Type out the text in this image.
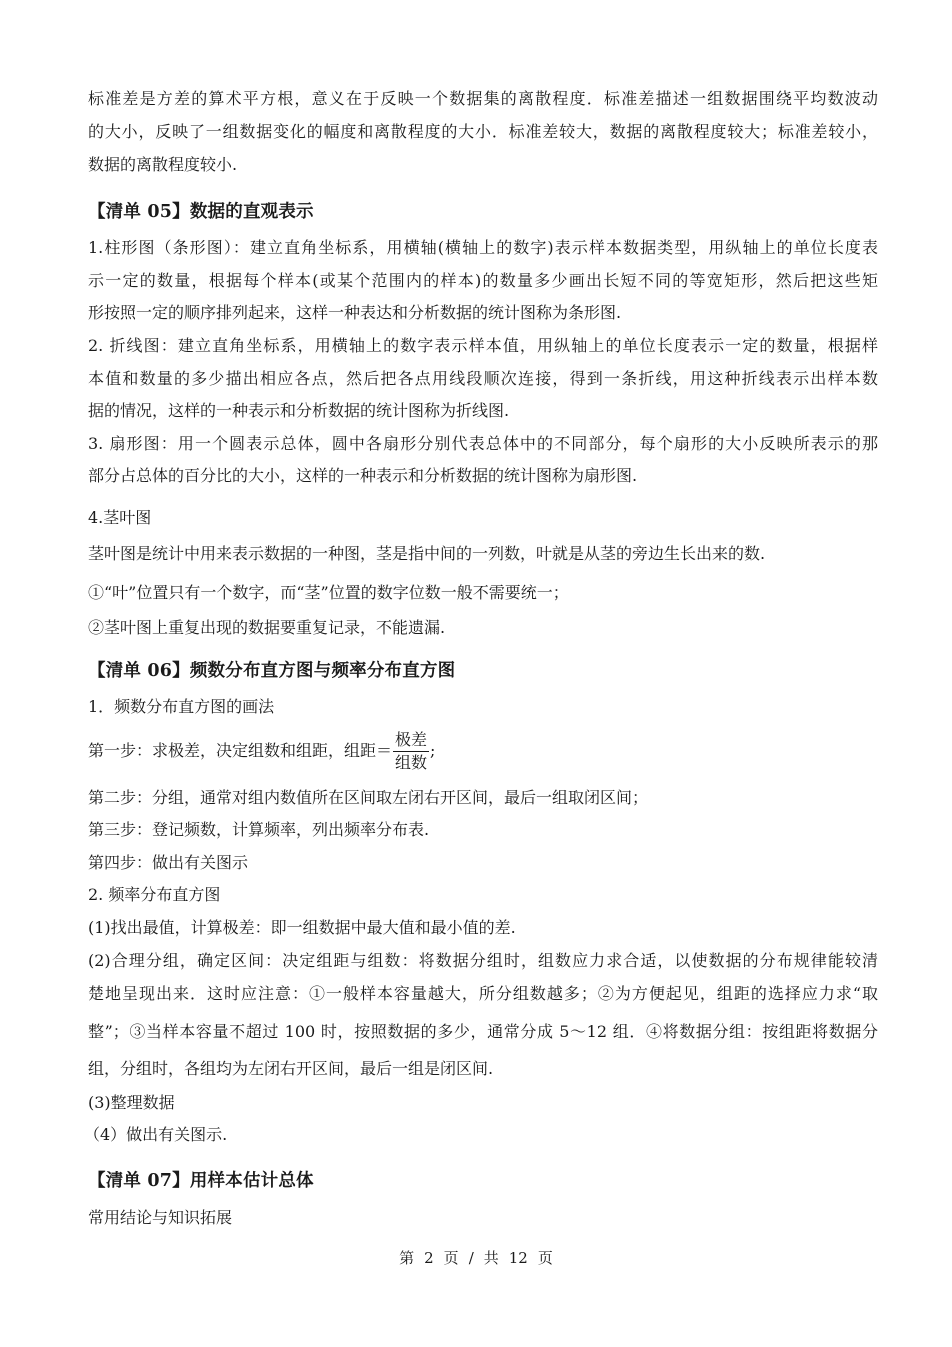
标准差是方差的算术平方根，意义在于反映一个数据集的离散程度．标准差描述一组数据围绕平均数波动
的大小，反映了一组数据变化的幅度和离散程度的大小．标准差较大，数据的离散程度较大；标准差较小，
数据的离散程度较小.
【清单 05】数据的直观表示
1.柱形图（条形图）：建立直角坐标系，用横轴(横轴上的数字)表示样本数据类型，用纵轴上的单位长度表
示一定的数量，根据每个样本(或某个范围内的样本)的数量多少画出长短不同的等宽矩形，然后把这些矩
形按照一定的顺序排列起来，这样一种表达和分析数据的统计图称为条形图.
2. 折线图：建立直角坐标系，用横轴上的数字表示样本值，用纵轴上的单位长度表示一定的数量，根据样
本值和数量的多少描出相应各点，然后把各点用线段顺次连接，得到一条折线，用这种折线表示出样本数
据的情况，这样的一种表示和分析数据的统计图称为折线图.
3. 扇形图：用一个圆表示总体，圆中各扇形分别代表总体中的不同部分，每个扇形的大小反映所表示的那
部分占总体的百分比的大小，这样的一种表示和分析数据的统计图称为扇形图.
4.茎叶图
茎叶图是统计中用来表示数据的一种图，茎是指中间的一列数，叶就是从茎的旁边生长出来的数.
①“叶”位置只有一个数字，而“茎”位置的数字位数一般不需要统一；
②茎叶图上重复出现的数据要重复记录，不能遗漏.
【清单 06】频数分布直方图与频率分布直方图
1．频数分布直方图的画法
第一步：求极差，决定组数和组距，组距＝ $\frac{\text{极差}}{\text{组数}}$ ;
第二步：分组，通常对组内数值所在区间取左闭右开区间，最后一组取闭区间；
第三步：登记频数，计算频率，列出频率分布表.
第四步：做出有关图示
2. 频率分布直方图
(1)找出最值，计算极差：即一组数据中最大值和最小值的差.
(2)合理分组，确定区间：决定组距与组数：将数据分组时，组数应力求合适，以使数据的分布规律能较清
楚地呈现出来．这时应注意：①一般样本容量越大，所分组数越多；②为方便起见，组距的选择应力求“取
整”；③当样本容量不超过 100 时，按照数据的多少，通常分成 5～12 组．④将数据分组：按组距将数据分
组，分组时，各组均为左闭右开区间，最后一组是闭区间.
(3)整理数据
（4）做出有关图示.
【清单 07】用样本估计总体
常用结论与知识拓展
第 2 页 / 共 12 页
